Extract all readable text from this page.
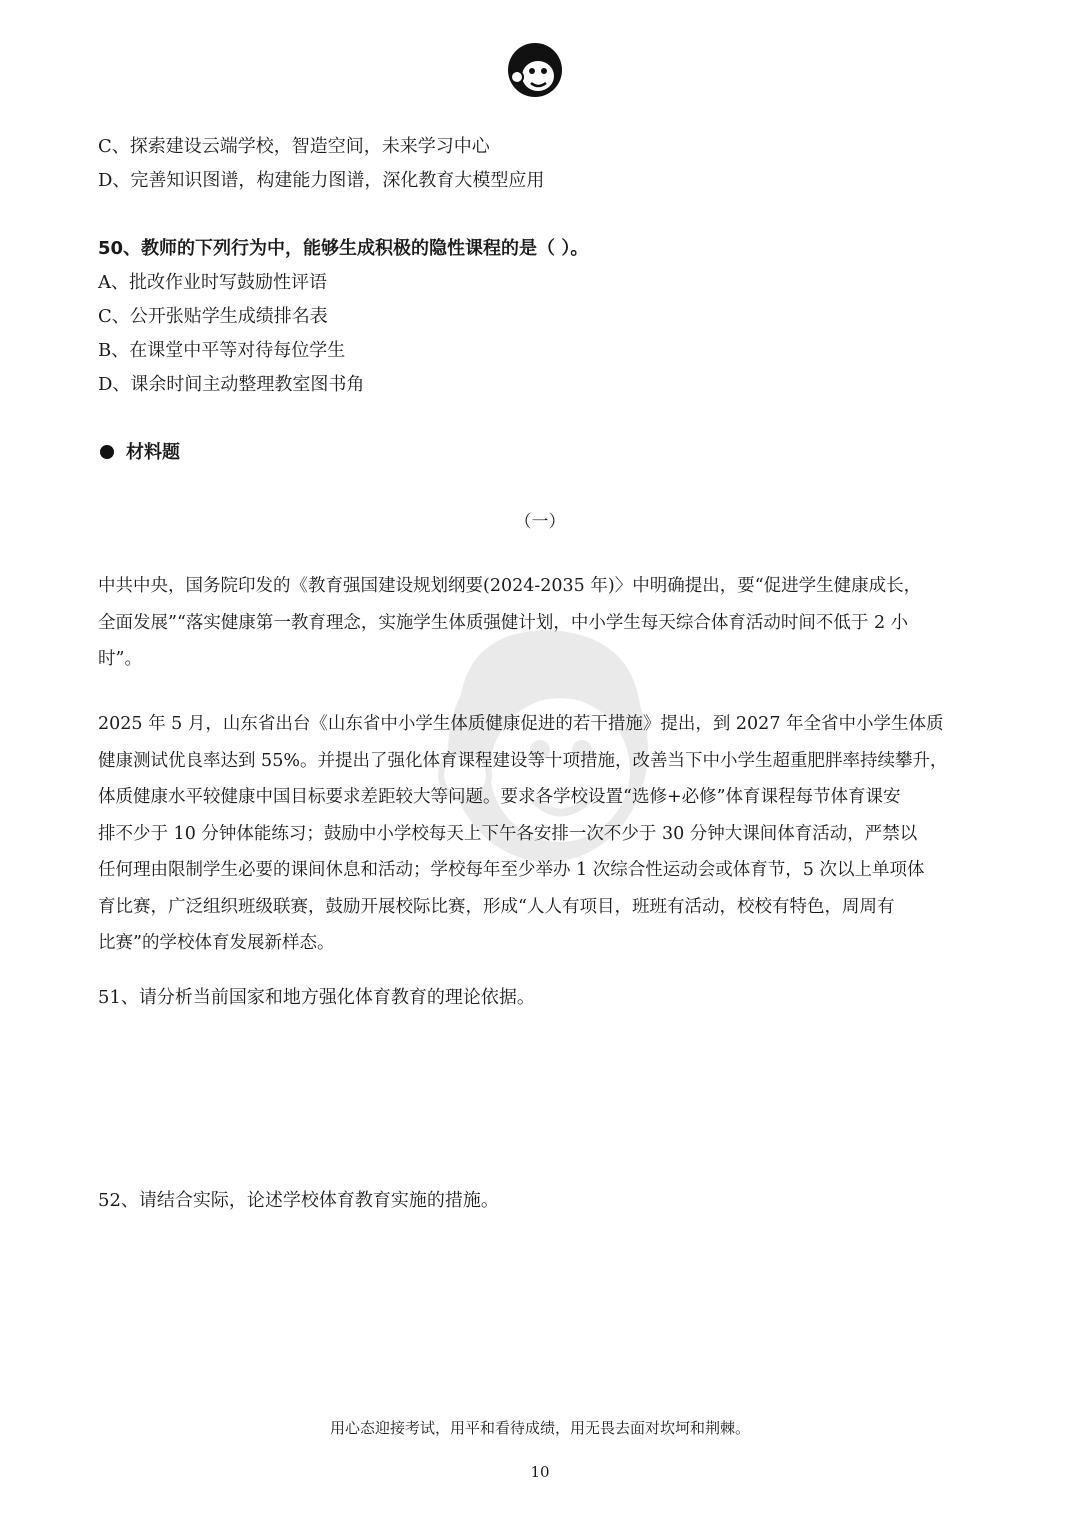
C、探索建设云端学校，智造空间，未来学习中心
D、完善知识图谱，构建能力图谱，深化教育大模型应用
50、教师的下列行为中，能够生成积极的隐性课程的是（ ）。
A、批改作业时写鼓励性评语
C、公开张贴学生成绩排名表
B、在课堂中平等对待每位学生
D、课余时间主动整理教室图书角
材料题
（一）
中共中央，国务院印发的《教育强国建设规划纲要(2024-2035 年)〉中明确提出，要“促进学生健康成长，
全面发展”“落实健康第一教育理念，实施学生体质强健计划，中小学生每天综合体育活动时间不低于 2 小
时”。
2025 年 5 月，山东省出台《山东省中小学生体质健康促进的若干措施》提出，到 2027 年全省中小学生体质
健康测试优良率达到 55%。并提出了强化体育课程建设等十项措施，改善当下中小学生超重肥胖率持续攀升，
体质健康水平较健康中国目标要求差距较大等问题。要求各学校设置“选修+必修”体育课程每节体育课安
排不少于 10 分钟体能练习；鼓励中小学校每天上下午各安排一次不少于 30 分钟大课间体育活动，严禁以
任何理由限制学生必要的课间休息和活动；学校每年至少举办 1 次综合性运动会或体育节，5 次以上单项体
育比赛，广泛组织班级联赛，鼓励开展校际比赛，形成“人人有项目，班班有活动，校校有特色，周周有
比赛”的学校体育发展新样态。
51、请分析当前国家和地方强化体育教育的理论依据。
52、请结合实际，论述学校体育教育实施的措施。
用心态迎接考试，用平和看待成绩，用无畏去面对坎坷和荆棘。
10
